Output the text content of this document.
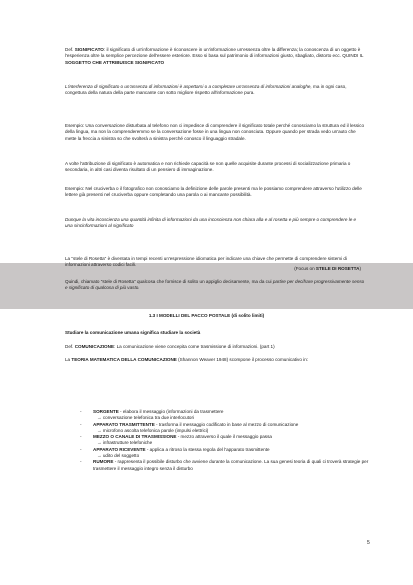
Def. SIGNIFICATO: il significato di un'informazione è riconoscere in un'informazione un'essenza oltre la differenza; la conoscenza di un oggetto è l'esperienza oltre la semplice percezione dell'essere esteriore. Esso si basa sul patrimonio di informazioni giusto, sbagliato, distorto ecc. QUINDI IL SOGGETTO CHE ATTRIBUISCE SIGNIFICATO

L'interferenza di significato o un'assenza di informazioni è aspettarsi o a completare un'assenza di informazioni analoghe, ma in ogni caso, congettura della natura della parte mancante con sotto migliore rispetto all'informazione pura.

Esempio: Una conversazione disturbata al telefono non ci impedisce di comprendere il significato totale perché conosciamo la struttura ed il lessico della lingua, ma non la comprenderemmo se la conversazione fosse in una lingua non conosciuta. Oppure quando per strada vedo un'auto che mette la freccia a sinistra so che svolterà a sinistra perché conosco il linguaggio stradale.

A volte l'attribuzione di significato è automatica e non richiede capacità se non quelle acquisite durante processi di socializzazione primaria o secondaria, in altri casi diventa risultato di un pensiero di immaginazione.

Esempio: Nel cruciverba o il fotografico non conosciamo la definizione delle parole presenti ma le possiamo comprendere attraverso l'utilizzo delle lettere già presenti nel cruciverba oppure completando una parola o ai mancante possibilità.

Dunque la vita incoscienza una quantità infinita di informazioni da una incoscienza non chiara alla e al rosetta e più sempre o comprendere le e una sincinformazioni al significato

(Focus on STELE DI ROSETTA)

La "stele di Rosetta" è diventata in tempi recenti un'espressione idiomatica per indicare una chiave che permette di comprendere sistemi di informazioni attraverso codici facili.

Quindi, chiamato "stele di Rosetta" qualcosa che fornisce di solito un appiglio decisamente, ma da cui partire per decifrare progressivamente senso e significato di qualcosa di più vasto.

1.3 I MODELLI DEL PACCO POSTALE (di solito limiti)

Studiare la comunicazione umana significa studiare la società

Def. COMUNICAZIONE: La comunicazione viene concepita come trasmissione di informazioni. (part 1)

La TEORIA MATEMATICA DELLA COMUNICAZIONE (Shannon Weaver 1948) scompone il processo comunicativo in:

- SORGENTE - elabora il messaggio (informazioni da trasmettere
→ conversazione telefonica tra due interlocutori
- APPARATO TRASMITTENTE - trasforma il messaggio codificato in base al mezzo di comunicazione
→ microfono ascolta telefonica parole (impulsi elettrici)
- MEZZO O CANALE DI TRASMISSIONE - mezzo attraverso il quale il messaggio passa
→ infrastrutture telefoniche
- APPARATO RICEVENTE - applica a ritroso la stessa regola del l'apparato trasmittente
→ udito del soggetto
- RUMORE - rappresenta il possibile disturbo che avviene durante la comunicazione. La sua genesi teoria di quali ci troverà strategie per trasmettere il messaggio integro senza il disturbo
5
